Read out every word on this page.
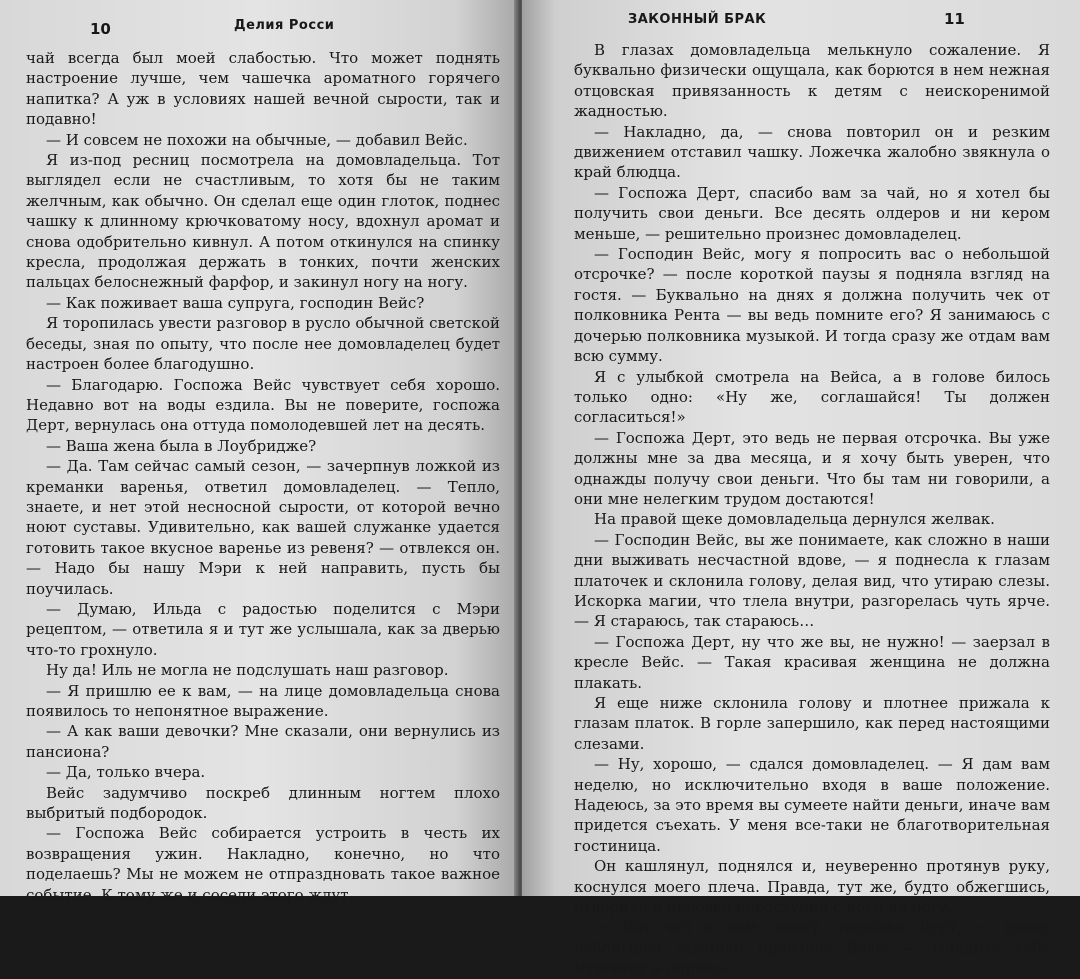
10	Делия Росси

чай всегда был моей слабостью. Что может поднять настроение лучше, чем чашечка ароматного горячего напитка? А уж в условиях нашей вечной сырости, так и подавно!

— И совсем не похожи на обычные, — добавил Вейс.

Я из-под ресниц посмотрела на домовладельца. Тот выглядел если не счастливым, то хотя бы не таким желчным, как обычно. Он сделал еще один глоток, поднес чашку к длинному крючковатому носу, вдохнул аромат и снова одобрительно кивнул. А потом откинулся на спинку кресла, продолжая держать в тонких, почти женских пальцах белоснежный фарфор, и закинул ногу на ногу.

— Как поживает ваша супруга, господин Вейс?

Я торопилась увести разговор в русло обычной светской беседы, зная по опыту, что после нее домовладелец будет настроен более благодушно.

— Благодарю. Госпожа Вейс чувствует себя хорошо. Недавно вот на воды ездила. Вы не поверите, госпожа Дерт, вернулась она оттуда помолодевшей лет на десять.

— Ваша жена была в Лоубридже?

— Да. Там сейчас самый сезон, — зачерпнув ложкой из креманки варенья, ответил домовладелец. — Тепло, знаете, и нет этой несносной сырости, от которой вечно ноют суставы. Удивительно, как вашей служанке удается готовить такое вкусное варенье из ревеня? — отвлекся он. — Надо бы нашу Мэри к ней направить, пусть бы поучилась.

— Думаю, Ильда с радостью поделится с Мэри рецептом, — ответила я и тут же услышала, как за дверью что-то грохнуло.

Ну да! Иль не могла не подслушать наш разговор.

— Я пришлю ее к вам, — на лице домовладельца снова появилось то непонятное выражение.

— А как ваши девочки? Мне сказали, они вернулись из пансиона?

— Да, только вчера.

Вейс задумчиво поскреб длинным ногтем плохо выбритый подбородок.

— Госпожа Вейс собирается устроить в честь их возвращения ужин. Накладно, конечно, но что поделаешь? Мы не можем не отпраздновать такое важное событие. К тому же и соседи этого ждут.

ЗАКОННЫЙ БРАК	11

В глазах домовладельца мелькнуло сожаление. Я буквально физически ощущала, как борются в нем нежная отцовская привязанность к детям с неискоренимой жадностью.

— Накладно, да, — снова повторил он и резким движением отставил чашку. Ложечка жалобно звякнула о край блюдца.

— Госпожа Дерт, спасибо вам за чай, но я хотел бы получить свои деньги. Все десять олдеров и ни кером меньше, — решительно произнес домовладелец.

— Господин Вейс, могу я попросить вас о небольшой отсрочке? — после короткой паузы я подняла взгляд на гостя. — Буквально на днях я должна получить чек от полковника Рента — вы ведь помните его? Я занимаюсь с дочерью полковника музыкой. И тогда сразу же отдам вам всю сумму.

Я с улыбкой смотрела на Вейса, а в голове билось только одно: «Ну же, соглашайся! Ты должен согласиться!»

— Госпожа Дерт, это ведь не первая отсрочка. Вы уже должны мне за два месяца, и я хочу быть уверен, что однажды получу свои деньги. Что бы там ни говорили, а они мне нелегким трудом достаются!

На правой щеке домовладельца дернулся желвак.

— Господин Вейс, вы же понимаете, как сложно в наши дни выживать несчастной вдове, — я поднесла к глазам платочек и склонила голову, делая вид, что утираю слезы. Искорка магии, что тлела внутри, разгорелась чуть ярче. — Я стараюсь, так стараюсь…

— Госпожа Дерт, ну что же вы, не нужно! — заерзал в кресле Вейс. — Такая красивая женщина не должна плакать.

Я еще ниже склонила голову и плотнее прижала к глазам платок. В горле запершило, как перед настоящими слезами.

— Ну, хорошо, — сдался домовладелец. — Я дам вам неделю, но исключительно входя в ваше положение. Надеюсь, за это время вы сумеете найти деньги, иначе вам придется съехать. У меня все-таки не благотворительная гостиница.

Он кашлянул, поднялся и, неуверенно протянув руку, коснулся моего плеча. Правда, тут же, будто обжегшись, отдернул и неловко переступил с ноги на ногу.

— Вот что я вам скажу, госпожа Дерт, — после небольшой заминки произнес Вейс. — Найдите себе мужчину и перело-
